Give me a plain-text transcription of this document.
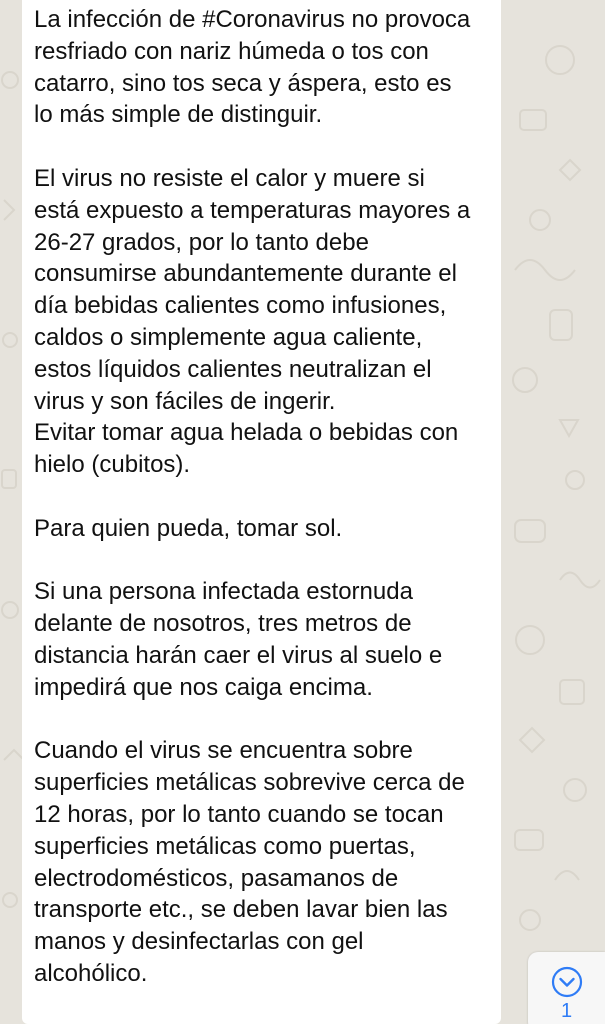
La infección de #Coronavirus no provoca
resfriado con nariz húmeda o tos con
catarro, sino tos seca y áspera, esto es
lo más simple de distinguir.

El virus no resiste el calor y muere si
está expuesto a temperaturas mayores a
26-27 grados, por lo tanto debe
consumirse abundantemente durante el
día bebidas calientes como infusiones,
caldos o simplemente agua caliente,
estos líquidos calientes neutralizan el
virus y son fáciles de ingerir.

Evitar tomar agua helada o bebidas con
hielo (cubitos).

Para quien pueda, tomar sol.

Si una persona infectada estornuda
delante de nosotros, tres metros de
distancia harán caer el virus al suelo e
impedirá que nos caiga encima.

Cuando el virus se encuentra sobre
superficies metálicas sobrevive cerca de
12 horas, por lo tanto cuando se tocan
superficies metálicas como puertas,
electrodomésticos, pasamanos de
transporte etc., se deben lavar bien las
manos y desinfectarlas con gel
alcohólico.

1
